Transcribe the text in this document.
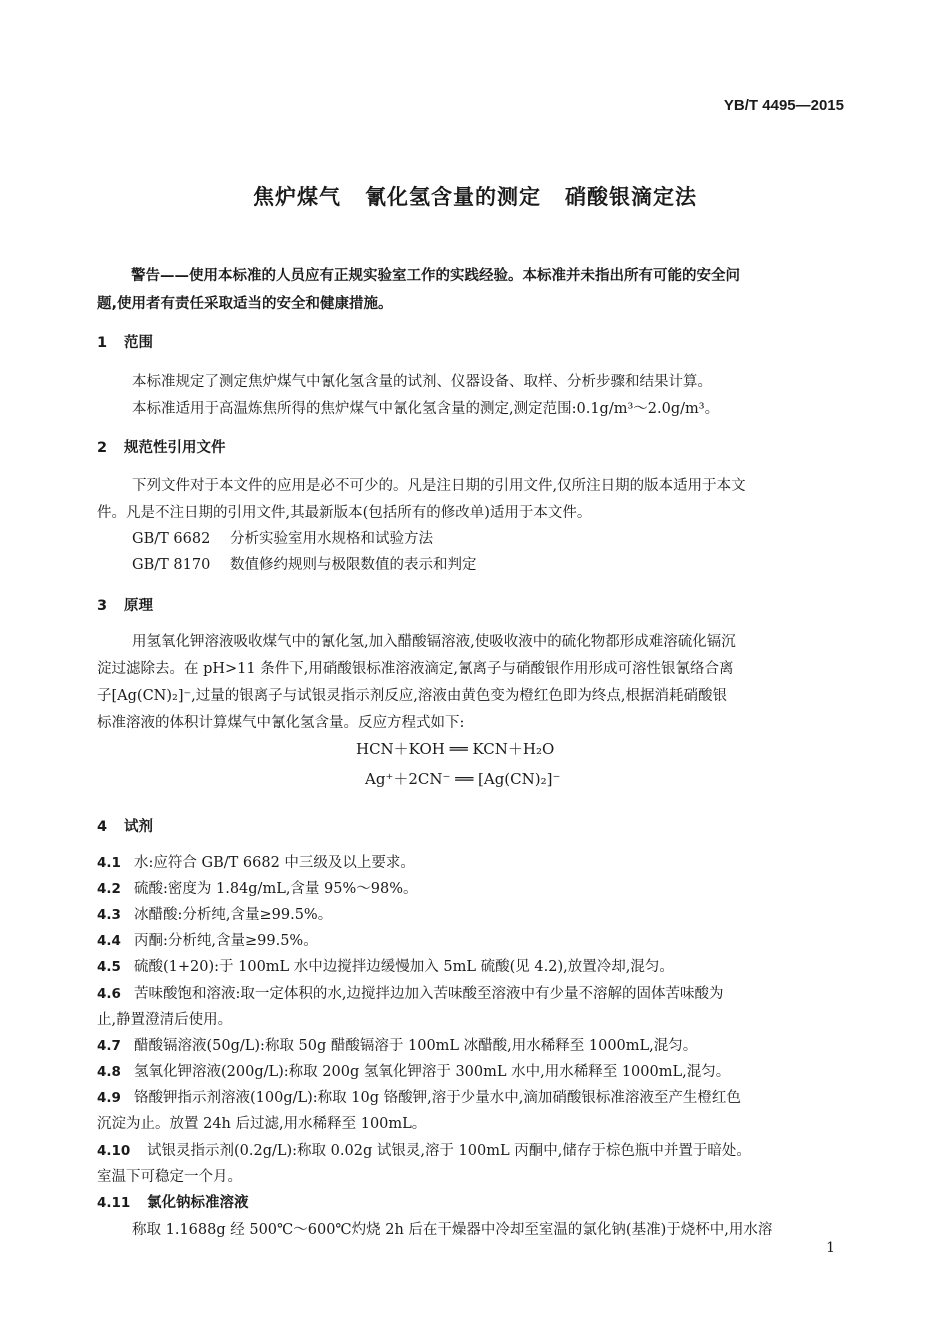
YB/T 4495—2015
焦炉煤气 氰化氢含量的测定 硝酸银滴定法
警告——使用本标准的人员应有正规实验室工作的实践经验。本标准并未指出所有可能的安全问
题,使用者有责任采取适当的安全和健康措施。
1 范围
本标准规定了测定焦炉煤气中氰化氢含量的试剂、仪器设备、取样、分析步骤和结果计算。
本标准适用于高温炼焦所得的焦炉煤气中氰化氢含量的测定,测定范围:0.1g/m³～2.0g/m³。
2 规范性引用文件
下列文件对于本文件的应用是必不可少的。凡是注日期的引用文件,仅所注日期的版本适用于本文
件。凡是不注日期的引用文件,其最新版本(包括所有的修改单)适用于本文件。
GB/T 6682 分析实验室用水规格和试验方法
GB/T 8170 数值修约规则与极限数值的表示和判定
3 原理
用氢氧化钾溶液吸收煤气中的氰化氢,加入醋酸镉溶液,使吸收液中的硫化物都形成难溶硫化镉沉
淀过滤除去。在 pH>11 条件下,用硝酸银标准溶液滴定,氰离子与硝酸银作用形成可溶性银氰络合离
子[Ag(CN)₂]⁻,过量的银离子与试银灵指示剂反应,溶液由黄色变为橙红色即为终点,根据消耗硝酸银
标准溶液的体积计算煤气中氰化氢含量。反应方程式如下:
HCN＋KOH ══ KCN＋H₂O
Ag⁺＋2CN⁻ ══ [Ag(CN)₂]⁻
4 试剂
4.1 水:应符合 GB/T 6682 中三级及以上要求。
4.2 硫酸:密度为 1.84g/mL,含量 95%～98%。
4.3 冰醋酸:分析纯,含量≥99.5%。
4.4 丙酮:分析纯,含量≥99.5%。
4.5 硫酸(1+20):于 100mL 水中边搅拌边缓慢加入 5mL 硫酸(见 4.2),放置冷却,混匀。
4.6 苦味酸饱和溶液:取一定体积的水,边搅拌边加入苦味酸至溶液中有少量不溶解的固体苦味酸为
止,静置澄清后使用。
4.7 醋酸镉溶液(50g/L):称取 50g 醋酸镉溶于 100mL 冰醋酸,用水稀释至 1000mL,混匀。
4.8 氢氧化钾溶液(200g/L):称取 200g 氢氧化钾溶于 300mL 水中,用水稀释至 1000mL,混匀。
4.9 铬酸钾指示剂溶液(100g/L):称取 10g 铬酸钾,溶于少量水中,滴加硝酸银标准溶液至产生橙红色
沉淀为止。放置 24h 后过滤,用水稀释至 100mL。
4.10 试银灵指示剂(0.2g/L):称取 0.02g 试银灵,溶于 100mL 丙酮中,储存于棕色瓶中并置于暗处。
室温下可稳定一个月。
4.11 氯化钠标准溶液
称取 1.1688g 经 500℃～600℃灼烧 2h 后在干燥器中冷却至室温的氯化钠(基准)于烧杯中,用水溶
1
